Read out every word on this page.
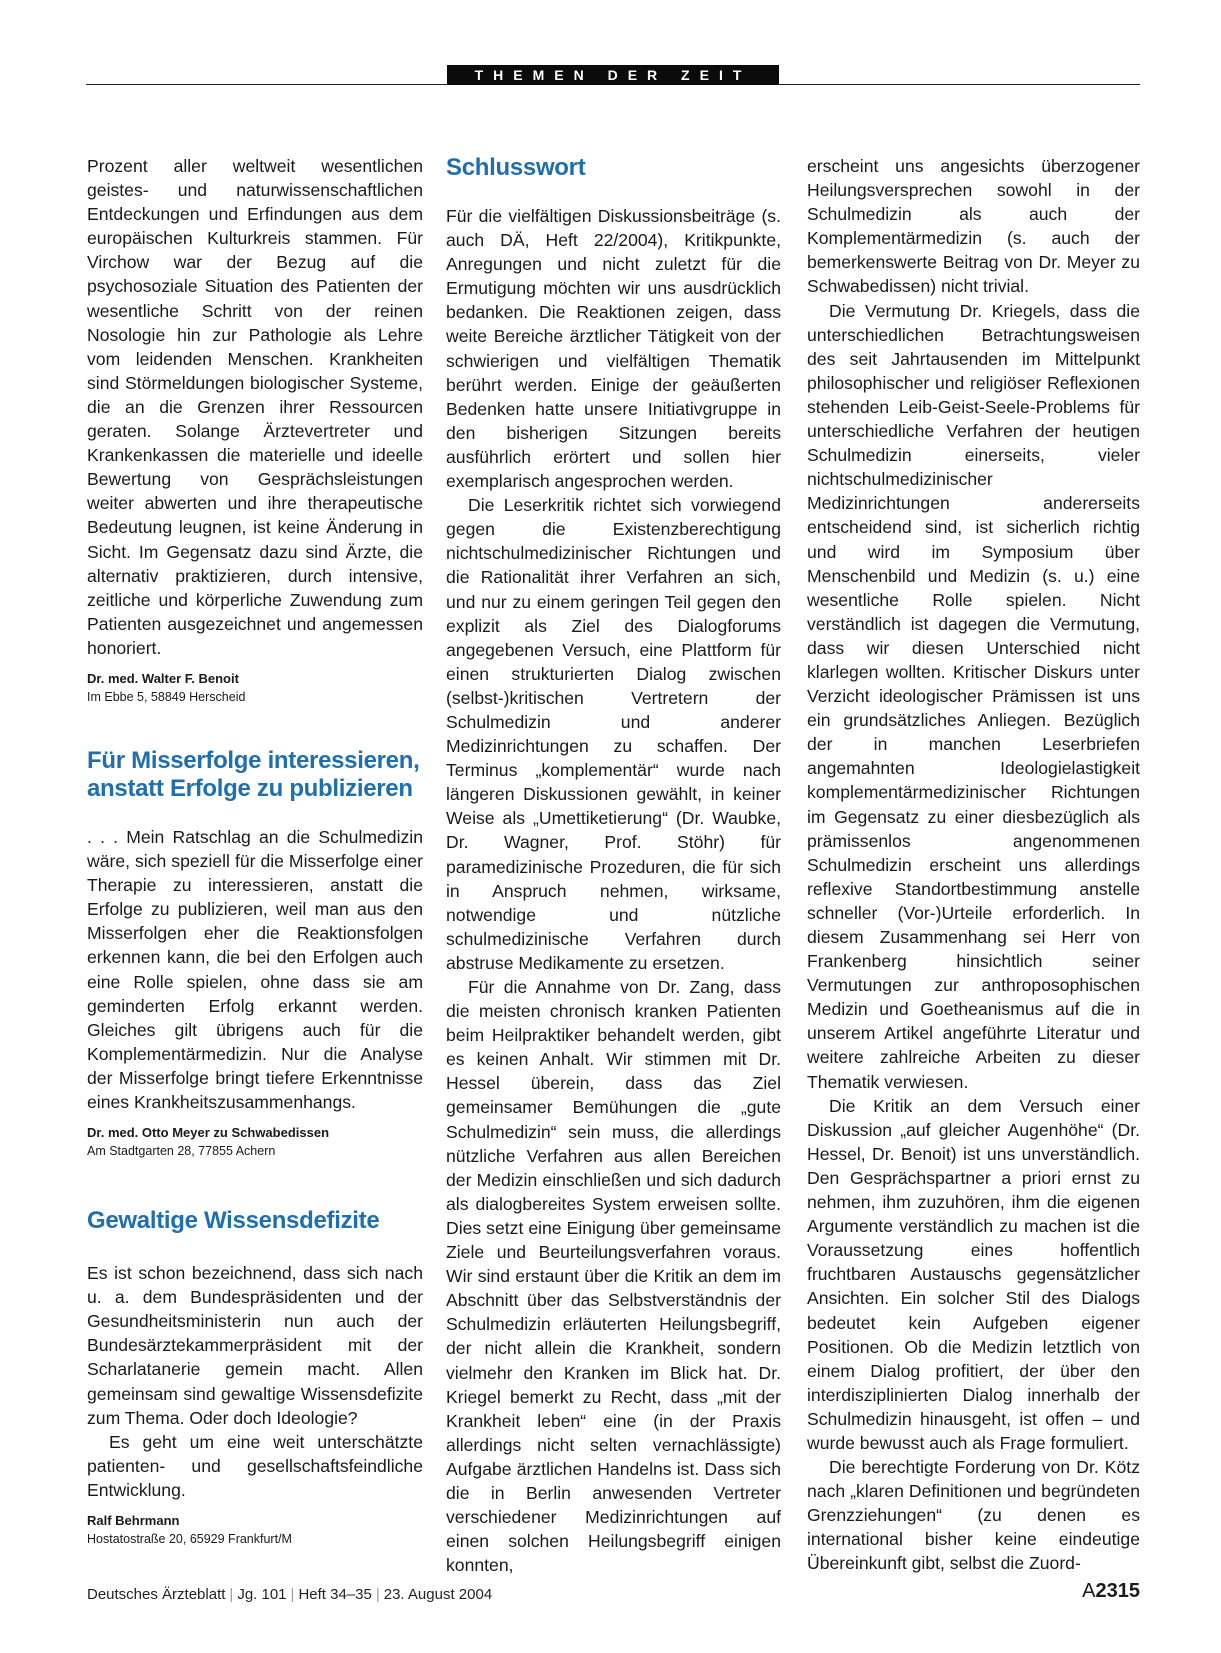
THEMEN DER ZEIT

Prozent aller weltweit wesentlichen geistes- und naturwissenschaftlichen Entdeckungen und Erfindungen aus dem europäischen Kulturkreis stammen. Für Virchow war der Bezug auf die psychosoziale Situation des Patienten der wesentliche Schritt von der reinen Nosologie hin zur Pathologie als Lehre vom leidenden Menschen. Krankheiten sind Störmeldungen biologischer Systeme, die an die Grenzen ihrer Ressourcen geraten. Solange Ärztevertreter und Krankenkassen die materielle und ideelle Bewertung von Gesprächsleistungen weiter abwerten und ihre therapeutische Bedeutung leugnen, ist keine Änderung in Sicht. Im Gegensatz dazu sind Ärzte, die alternativ praktizieren, durch intensive, zeitliche und körperliche Zuwendung zum Patienten ausgezeichnet und angemessen honoriert.

Dr. med. Walter F. Benoit

Im Ebbe 5, 58849 Herscheid

Für Misserfolge interessieren, anstatt Erfolge zu publizieren

. . . Mein Ratschlag an die Schulmedizin wäre, sich speziell für die Misserfolge einer Therapie zu interessieren, anstatt die Erfolge zu publizieren, weil man aus den Misserfolgen eher die Reaktionsfolgen erkennen kann, die bei den Erfolgen auch eine Rolle spielen, ohne dass sie am geminderten Erfolg erkannt werden. Gleiches gilt übrigens auch für die Komplementärmedizin. Nur die Analyse der Misserfolge bringt tiefere Erkenntnisse eines Krankheitszusammenhangs.

Dr. med. Otto Meyer zu Schwabedissen

Am Stadtgarten 28, 77855 Achern

Gewaltige Wissensdefizite

Es ist schon bezeichnend, dass sich nach u. a. dem Bundespräsidenten und der Gesundheitsministerin nun auch der Bundesärztekammerpräsident mit der Scharlatanerie gemein macht. Allen gemeinsam sind gewaltige Wissensdefizite zum Thema. Oder doch Ideologie?

Es geht um eine weit unterschätzte patienten- und gesellschaftsfeindliche Entwicklung.

Ralf Behrmann

Hostatostraße 20, 65929 Frankfurt/M

Schlusswort

Für die vielfältigen Diskussionsbeiträge (s. auch DÄ, Heft 22/2004), Kritikpunkte, Anregungen und nicht zuletzt für die Ermutigung möchten wir uns ausdrücklich bedanken. Die Reaktionen zeigen, dass weite Bereiche ärztlicher Tätigkeit von der schwierigen und vielfältigen Thematik berührt werden. Einige der geäußerten Bedenken hatte unsere Initiativgruppe in den bisherigen Sitzungen bereits ausführlich erörtert und sollen hier exemplarisch angesprochen werden.

Die Leserkritik richtet sich vorwiegend gegen die Existenzberechtigung nichtschulmedizinischer Richtungen und die Rationalität ihrer Verfahren an sich, und nur zu einem geringen Teil gegen den explizit als Ziel des Dialogforums angegebenen Versuch, eine Plattform für einen strukturierten Dialog zwischen (selbst-)kritischen Vertretern der Schulmedizin und anderer Medizinrichtungen zu schaffen. Der Terminus „komplementär“ wurde nach längeren Diskussionen gewählt, in keiner Weise als „Umettiketierung“ (Dr. Waubke, Dr. Wagner, Prof. Stöhr) für paramedizinische Prozeduren, die für sich in Anspruch nehmen, wirksame, notwendige und nützliche schulmedizinische Verfahren durch abstruse Medikamente zu ersetzen.

Für die Annahme von Dr. Zang, dass die meisten chronisch kranken Patienten beim Heilpraktiker behandelt werden, gibt es keinen Anhalt. Wir stimmen mit Dr. Hessel überein, dass das Ziel gemeinsamer Bemühungen die „gute Schulmedizin“ sein muss, die allerdings nützliche Verfahren aus allen Bereichen der Medizin einschließen und sich dadurch als dialogbereites System erweisen sollte. Dies setzt eine Einigung über gemeinsame Ziele und Beurteilungsverfahren voraus. Wir sind erstaunt über die Kritik an dem im Abschnitt über das Selbstverständnis der Schulmedizin erläuterten Heilungsbegriff, der nicht allein die Krankheit, sondern vielmehr den Kranken im Blick hat. Dr. Kriegel bemerkt zu Recht, dass „mit der Krankheit leben“ eine (in der Praxis allerdings nicht selten vernachlässigte) Aufgabe ärztlichen Handelns ist. Dass sich die in Berlin anwesenden Vertreter verschiedener Medizinrichtungen auf einen solchen Heilungsbegriff einigen konnten,

erscheint uns angesichts überzogener Heilungsversprechen sowohl in der Schulmedizin als auch der Komplementärmedizin (s. auch der bemerkenswerte Beitrag von Dr. Meyer zu Schwabedissen) nicht trivial.

Die Vermutung Dr. Kriegels, dass die unterschiedlichen Betrachtungsweisen des seit Jahrtausenden im Mittelpunkt philosophischer und religiöser Reflexionen stehenden Leib-Geist-Seele-Problems für unterschiedliche Verfahren der heutigen Schulmedizin einerseits, vieler nichtschulmedizinischer Medizinrichtungen andererseits entscheidend sind, ist sicherlich richtig und wird im Symposium über Menschenbild und Medizin (s. u.) eine wesentliche Rolle spielen. Nicht verständlich ist dagegen die Vermutung, dass wir diesen Unterschied nicht klarlegen wollten. Kritischer Diskurs unter Verzicht ideologischer Prämissen ist uns ein grundsätzliches Anliegen. Bezüglich der in manchen Leserbriefen angemahnten Ideologielastigkeit komplementärmedizinischer Richtungen im Gegensatz zu einer diesbezüglich als prämissenlos angenommenen Schulmedizin erscheint uns allerdings reflexive Standortbestimmung anstelle schneller (Vor-)Urteile erforderlich. In diesem Zusammenhang sei Herr von Frankenberg hinsichtlich seiner Vermutungen zur anthroposophischen Medizin und Goetheanismus auf die in unserem Artikel angeführte Literatur und weitere zahlreiche Arbeiten zu dieser Thematik verwiesen.

Die Kritik an dem Versuch einer Diskussion „auf gleicher Augenhöhe“ (Dr. Hessel, Dr. Benoit) ist uns unverständlich. Den Gesprächspartner a priori ernst zu nehmen, ihm zuzuhören, ihm die eigenen Argumente verständlich zu machen ist die Voraussetzung eines hoffentlich fruchtbaren Austauschs gegensätzlicher Ansichten. Ein solcher Stil des Dialogs bedeutet kein Aufgeben eigener Positionen. Ob die Medizin letztlich von einem Dialog profitiert, der über den interdisziplinierten Dialog innerhalb der Schulmedizin hinausgeht, ist offen – und wurde bewusst auch als Frage formuliert.

Die berechtigte Forderung von Dr. Kötz nach „klaren Definitionen und begründeten Grenzziehungen“ (zu denen es international bisher keine eindeutige Übereinkunft gibt, selbst die Zuord-

Deutsches Ärzteblatt | Jg. 101 | Heft 34–35 | 23. August 2004	A2315
